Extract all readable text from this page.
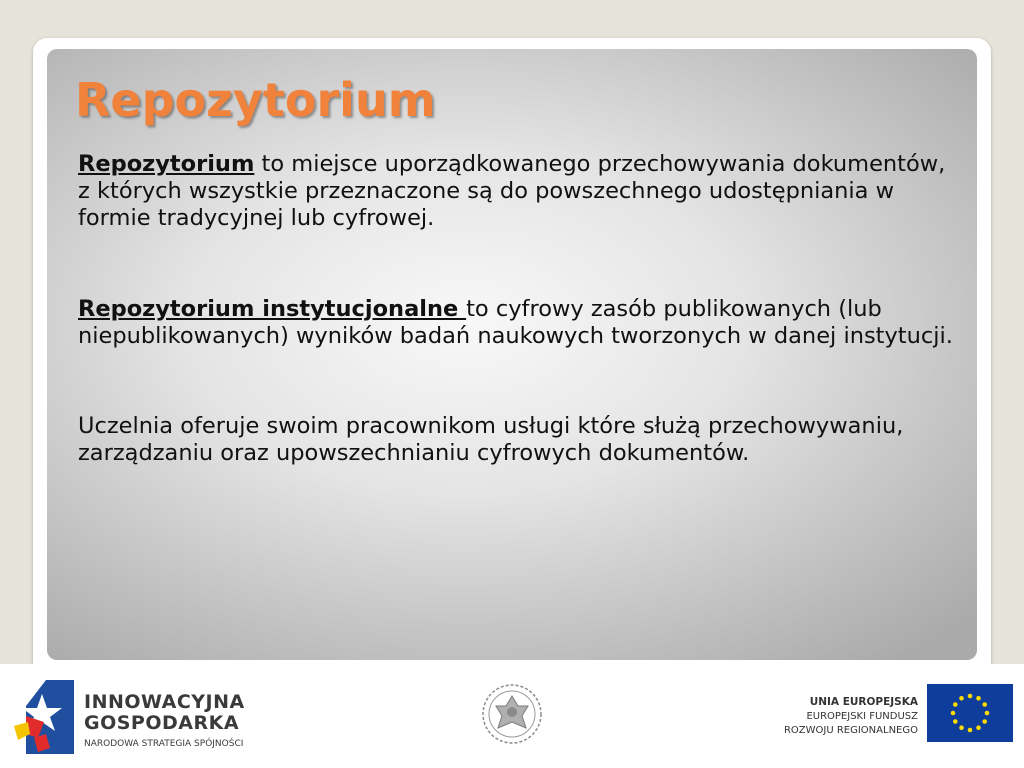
Repozytorium

Repozytorium to miejsce uporządkowanego przechowywania dokumentów, z których wszystkie przeznaczone są do powszechnego udostępniania w formie tradycyjnej lub cyfrowej.

Repozytorium instytucjonalne to cyfrowy zasób publikowanych (lub niepublikowanych) wyników badań naukowych tworzonych w danej instytucji.

Uczelnia oferuje swoim pracownikom usługi które służą przechowywaniu, zarządzaniu oraz upowszechnianiu cyfrowych dokumentów.

INNOWACYJNA
GOSPODARKA
NARODOWA STRATEGIA SPÓJNOŚCI
UNIA EUROPEJSKA
EUROPEJSKI FUNDUSZ
ROZWOJU REGIONALNEGO
